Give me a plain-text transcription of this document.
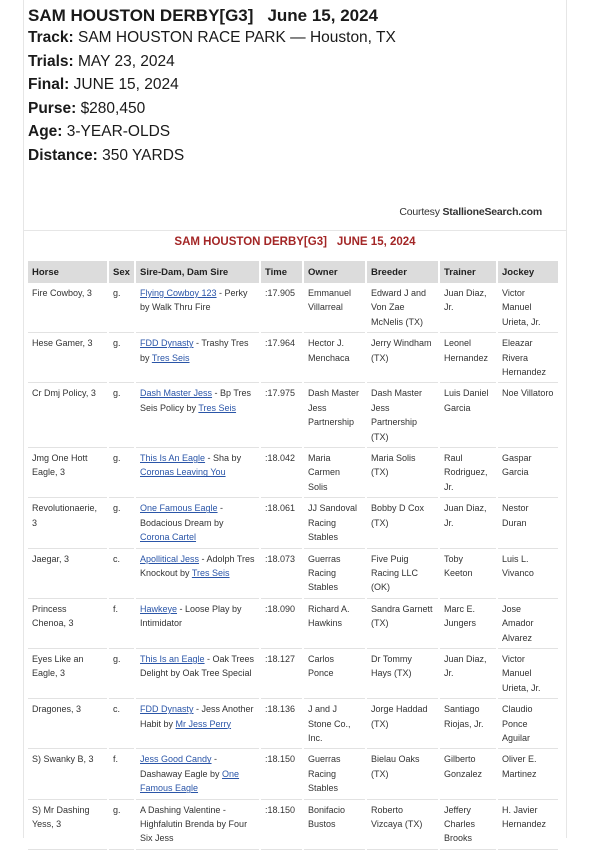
SAM HOUSTON DERBY[G3] June 15, 2024
Track: SAM HOUSTON RACE PARK — Houston, TX
Trials: MAY 23, 2024
Final: JUNE 15, 2024
Purse: $280,450
Age: 3-YEAR-OLDS
Distance: 350 YARDS
Courtesy StallioneSearch.com
SAM HOUSTON DERBY[G3] JUNE 15, 2024
Horse	Sex	Sire-Dam, Dam Sire	Time	Owner	Breeder	Trainer	Jockey
Fire Cowboy, 3	g.	Flying Cowboy 123 - Perky by Walk Thru Fire	:17.905	Emmanuel Villarreal	Edward J and Von Zae McNelis (TX)	Juan Diaz, Jr.	Victor Manuel Urieta, Jr.
Hese Gamer, 3	g.	FDD Dynasty - Trashy Tres by Tres Seis	:17.964	Hector J. Menchaca	Jerry Windham (TX)	Leonel Hernandez	Eleazar Rivera Hernandez
Cr Dmj Policy, 3	g.	Dash Master Jess - Bp Tres Seis Policy by Tres Seis	:17.975	Dash Master Jess Partnership	Dash Master Jess Partnership (TX)	Luis Daniel Garcia	Noe Villatoro
Jmg One Hott Eagle, 3	g.	This Is An Eagle - Sha by Coronas Leaving You	:18.042	Maria Carmen Solis	Maria Solis (TX)	Raul Rodriguez, Jr.	Gaspar Garcia
Revolutionaerie, 3	g.	One Famous Eagle - Bodacious Dream by Corona Cartel	:18.061	JJ Sandoval Racing Stables	Bobby D Cox (TX)	Juan Diaz, Jr.	Nestor Duran
Jaegar, 3	c.	Apollitical Jess - Adolph Tres Knockout by Tres Seis	:18.073	Guerras Racing Stables	Five Puig Racing LLC (OK)	Toby Keeton	Luis L. Vivanco
Princess Chenoa, 3	f.	Hawkeye - Loose Play by Intimidator	:18.090	Richard A. Hawkins	Sandra Garnett (TX)	Marc E. Jungers	Jose Amador Alvarez
Eyes Like an Eagle, 3	g.	This Is an Eagle - Oak Trees Delight by Oak Tree Special	:18.127	Carlos Ponce	Dr Tommy Hays (TX)	Juan Diaz, Jr.	Victor Manuel Urieta, Jr.
Dragones, 3	c.	FDD Dynasty - Jess Another Habit by Mr Jess Perry	:18.136	J and J Stone Co., Inc.	Jorge Haddad (TX)	Santiago Riojas, Jr.	Claudio Ponce Aguilar
S) Swanky B, 3	f.	Jess Good Candy - Dashaway Eagle by One Famous Eagle	:18.150	Guerras Racing Stables	Bielau Oaks (TX)	Gilberto Gonzalez	Oliver E. Martinez
S) Mr Dashing Yess, 3	g.	A Dashing Valentine - Highfalutin Brenda by Four Six Jess	:18.150	Bonifacio Bustos	Roberto Vizcaya (TX)	Jeffery Charles Brooks	H. Javier Hernandez
